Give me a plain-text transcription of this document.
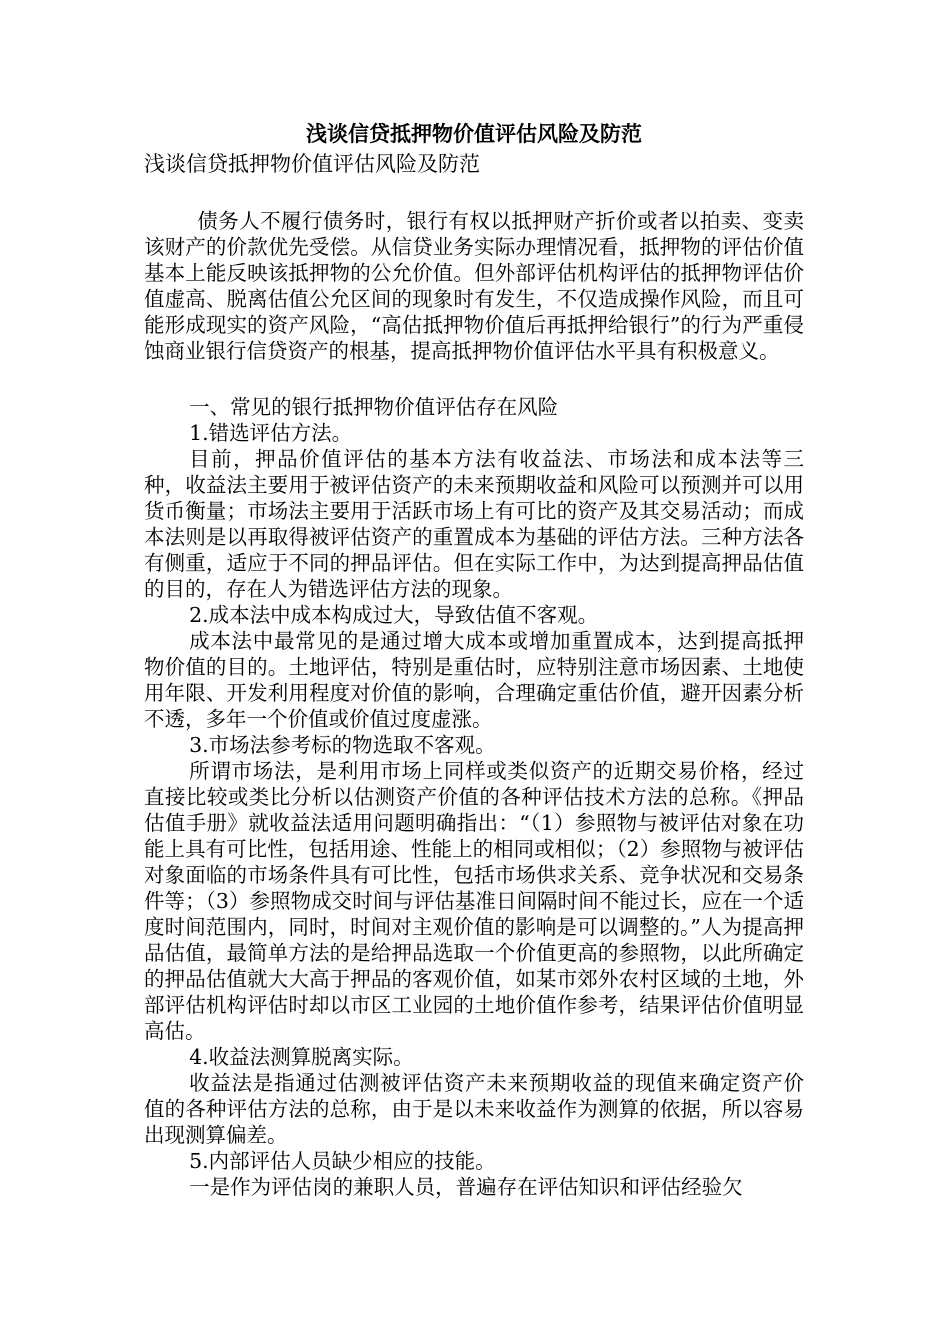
浅谈信贷抵押物价值评估风险及防范

浅谈信贷抵押物价值评估风险及防范

债务人不履行债务时，银行有权以抵押财产折价或者以拍卖、变卖该财产的价款优先受偿。从信贷业务实际办理情况看，抵押物的评估价值基本上能反映该抵押物的公允价值。但外部评估机构评估的抵押物评估价值虚高、脱离估值公允区间的现象时有发生，不仅造成操作风险，而且可能形成现实的资产风险，“高估抵押物价值后再抵押给银行”的行为严重侵蚀商业银行信贷资产的根基，提高抵押物价值评估水平具有积极意义。

一、常见的银行抵押物价值评估存在风险

1.错选评估方法。

目前，押品价值评估的基本方法有收益法、市场法和成本法等三种，收益法主要用于被评估资产的未来预期收益和风险可以预测并可以用货币衡量；市场法主要用于活跃市场上有可比的资产及其交易活动；而成本法则是以再取得被评估资产的重置成本为基础的评估方法。三种方法各有侧重，适应于不同的押品评估。但在实际工作中，为达到提高押品估值的目的，存在人为错选评估方法的现象。

2.成本法中成本构成过大，导致估值不客观。

成本法中最常见的是通过增大成本或增加重置成本，达到提高抵押物价值的目的。土地评估，特别是重估时，应特别注意市场因素、土地使用年限、开发利用程度对价值的影响，合理确定重估价值，避开因素分析不透，多年一个价值或价值过度虚涨。

3.市场法参考标的物选取不客观。

所谓市场法，是利用市场上同样或类似资产的近期交易价格，经过直接比较或类比分析以估测资产价值的各种评估技术方法的总称。《押品估值手册》就收益法适用问题明确指出：“（1）参照物与被评估对象在功能上具有可比性，包括用途、性能上的相同或相似；（2）参照物与被评估对象面临的市场条件具有可比性，包括市场供求关系、竞争状况和交易条件等；（3）参照物成交时间与评估基准日间隔时间不能过长，应在一个适度时间范围内，同时，时间对主观价值的影响是可以调整的。”人为提高押品估值，最简单方法的是给押品选取一个价值更高的参照物，以此所确定的押品估值就大大高于押品的客观价值，如某市郊外农村区域的土地，外部评估机构评估时却以市区工业园的土地价值作参考，结果评估价值明显高估。

4.收益法测算脱离实际。

收益法是指通过估测被评估资产未来预期收益的现值来确定资产价值的各种评估方法的总称，由于是以未来收益作为测算的依据，所以容易出现测算偏差。

5.内部评估人员缺少相应的技能。

一是作为评估岗的兼职人员，普遍存在评估知识和评估经验欠
